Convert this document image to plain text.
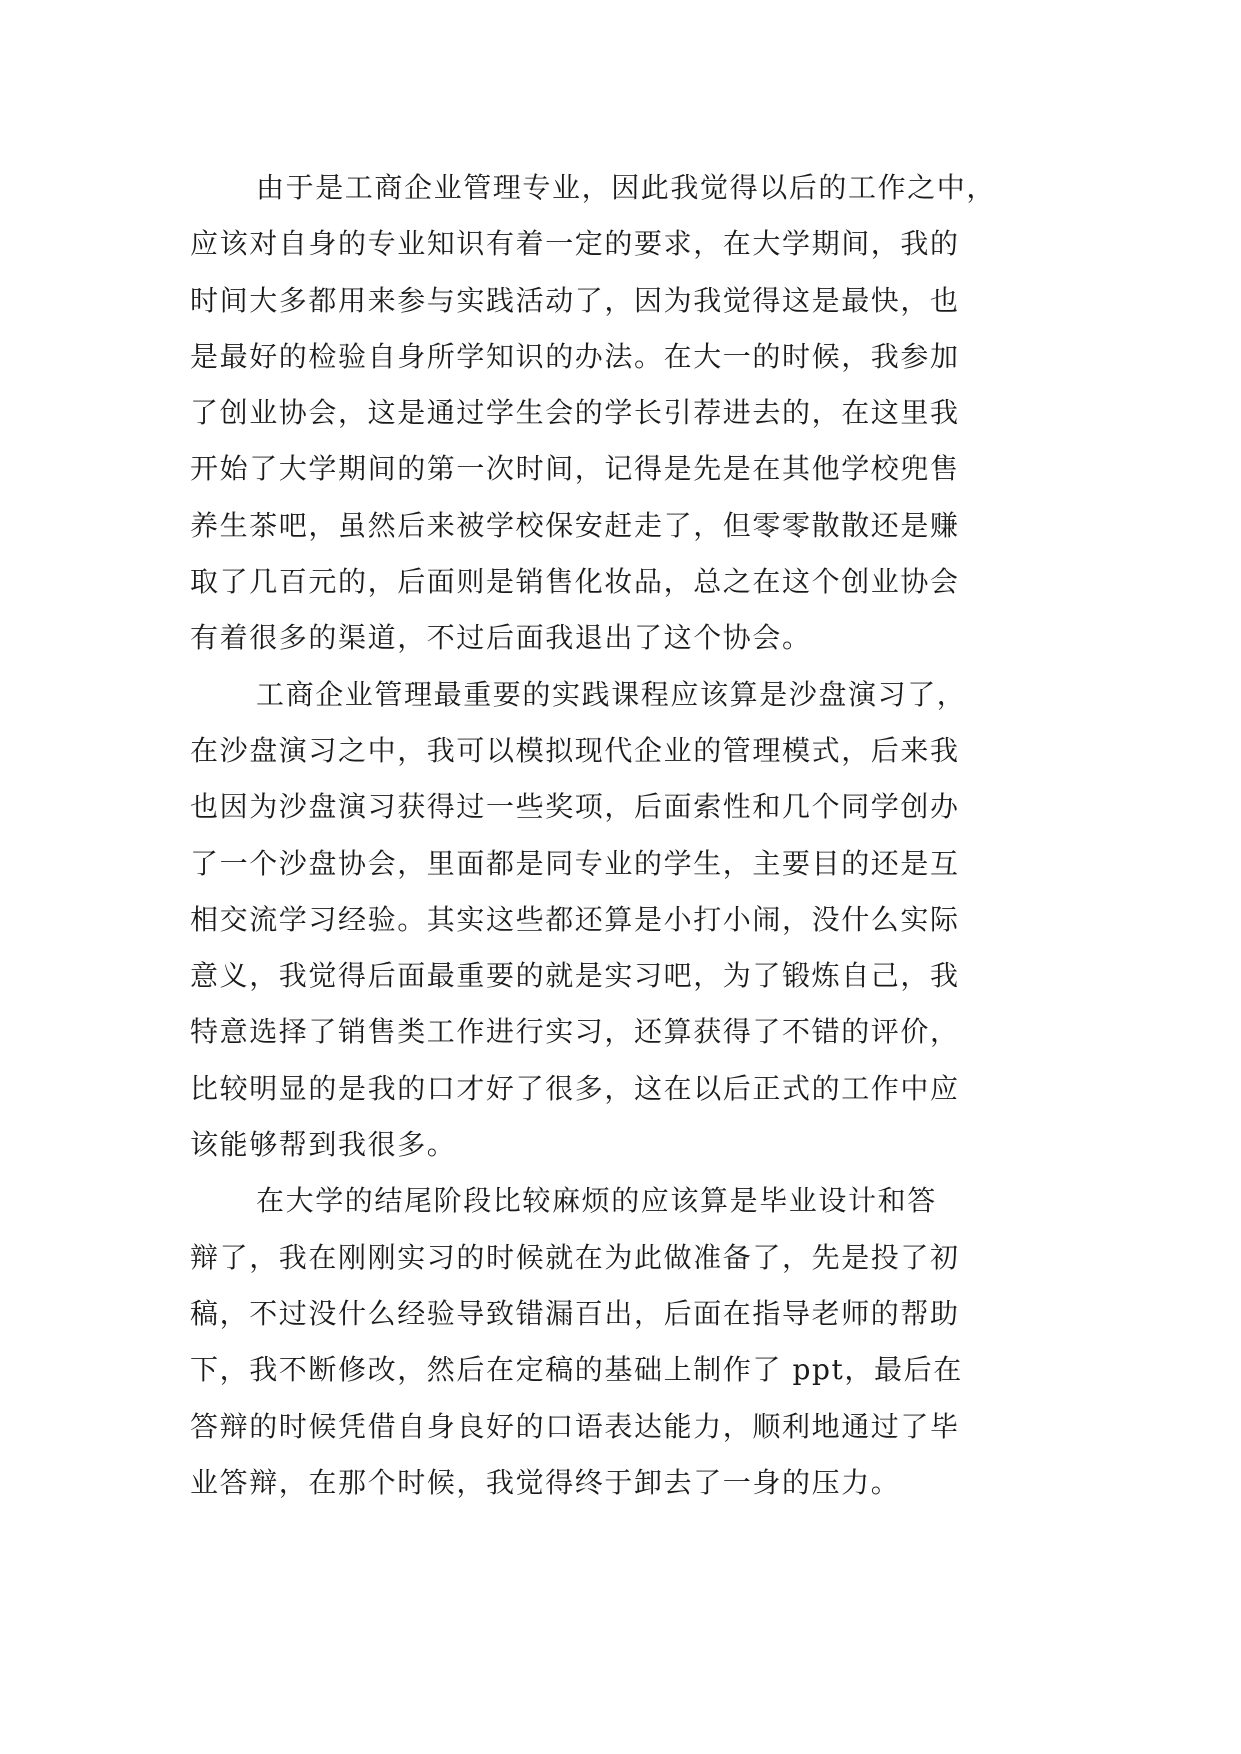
由于是工商企业管理专业，因此我觉得以后的工作之中，
应该对自身的专业知识有着一定的要求，在大学期间，我的
时间大多都用来参与实践活动了，因为我觉得这是最快，也
是最好的检验自身所学知识的办法。在大一的时候，我参加
了创业协会，这是通过学生会的学长引荐进去的，在这里我
开始了大学期间的第一次时间，记得是先是在其他学校兜售
养生茶吧，虽然后来被学校保安赶走了，但零零散散还是赚
取了几百元的，后面则是销售化妆品，总之在这个创业协会
有着很多的渠道，不过后面我退出了这个协会。
工商企业管理最重要的实践课程应该算是沙盘演习了，
在沙盘演习之中，我可以模拟现代企业的管理模式，后来我
也因为沙盘演习获得过一些奖项，后面索性和几个同学创办
了一个沙盘协会，里面都是同专业的学生，主要目的还是互
相交流学习经验。其实这些都还算是小打小闹，没什么实际
意义，我觉得后面最重要的就是实习吧，为了锻炼自己，我
特意选择了销售类工作进行实习，还算获得了不错的评价，
比较明显的是我的口才好了很多，这在以后正式的工作中应
该能够帮到我很多。
在大学的结尾阶段比较麻烦的应该算是毕业设计和答
辩了，我在刚刚实习的时候就在为此做准备了，先是投了初
稿，不过没什么经验导致错漏百出，后面在指导老师的帮助
下，我不断修改，然后在定稿的基础上制作了 ppt，最后在
答辩的时候凭借自身良好的口语表达能力，顺利地通过了毕
业答辩，在那个时候，我觉得终于卸去了一身的压力。
